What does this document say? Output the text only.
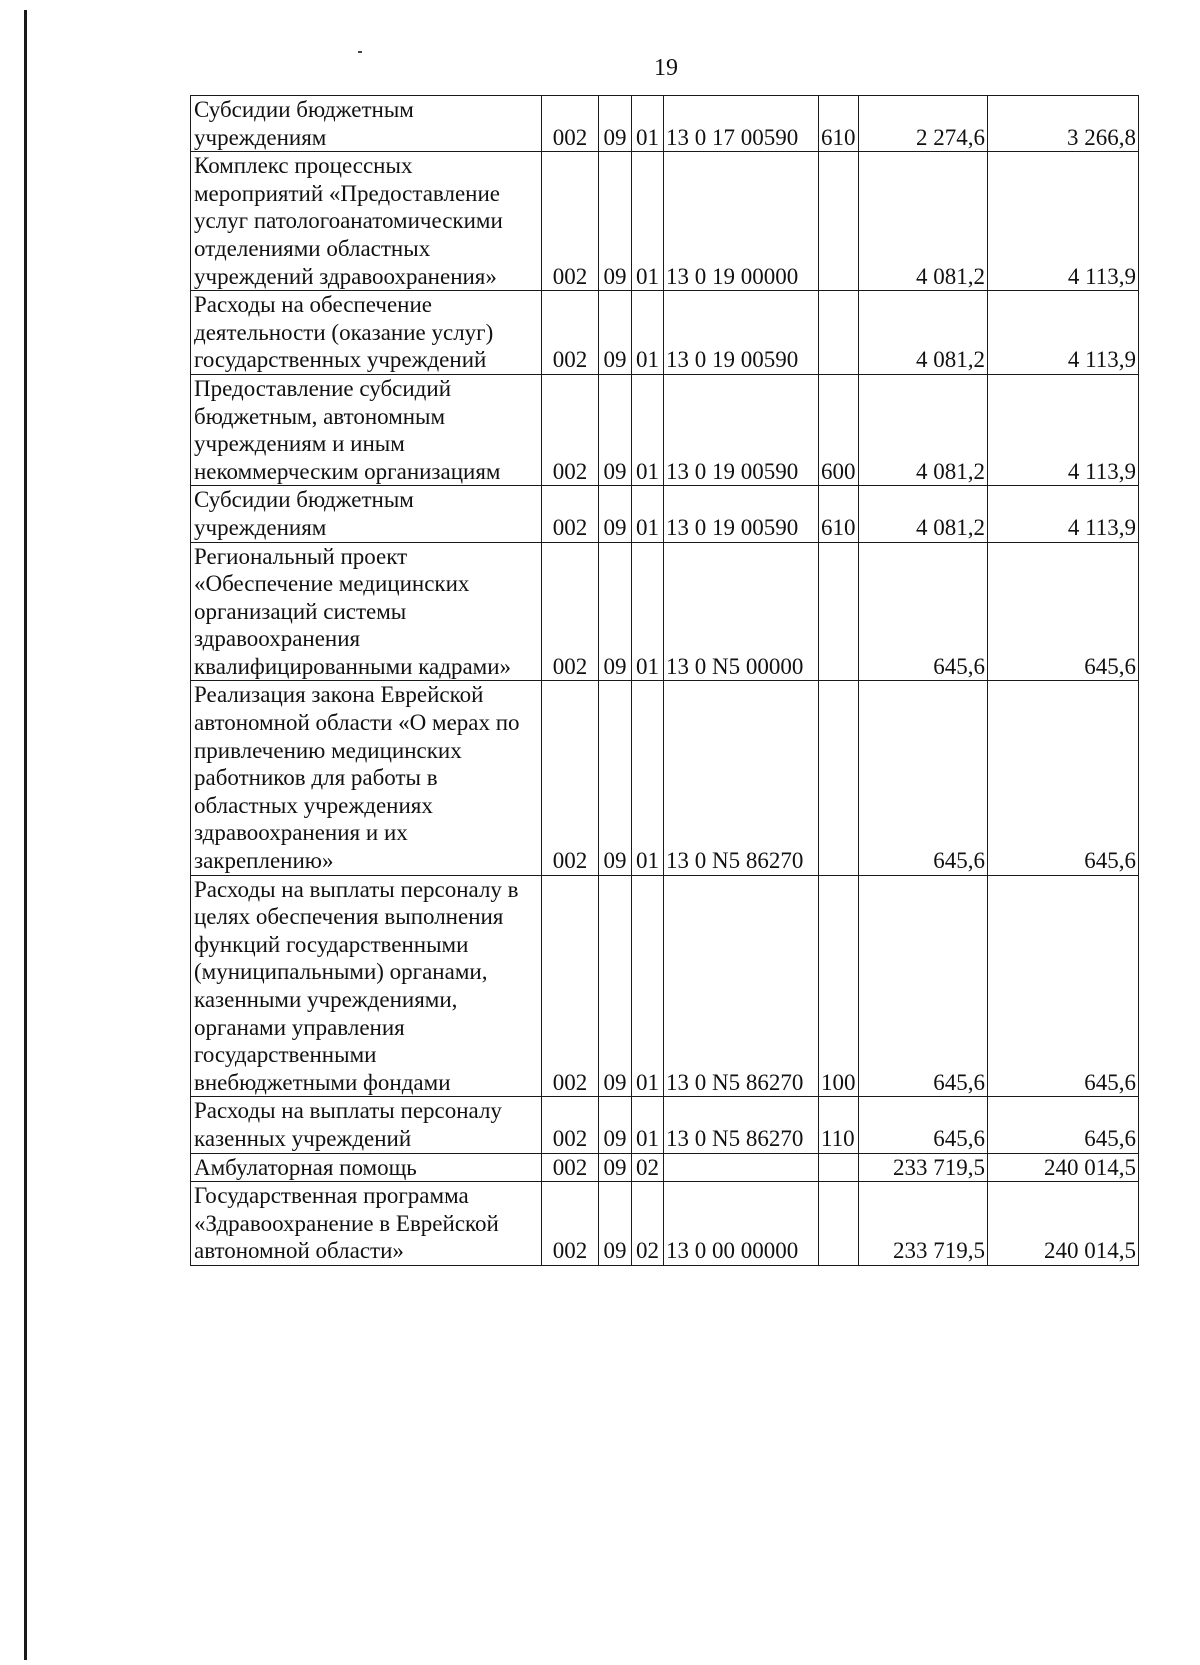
19
Субсидии бюджетным учреждениям	002	09	01	13 0 17 00590	610	2 274,6	3 266,8
Комплекс процессных мероприятий «Предоставление услуг патологоанатомическими отделениями областных учреждений здравоохранения»	002	09	01	13 0 19 00000		4 081,2	4 113,9
Расходы на обеспечение деятельности (оказание услуг) государственных учреждений	002	09	01	13 0 19 00590		4 081,2	4 113,9
Предоставление субсидий бюджетным, автономным учреждениям и иным некоммерческим организациям	002	09	01	13 0 19 00590	600	4 081,2	4 113,9
Субсидии бюджетным учреждениям	002	09	01	13 0 19 00590	610	4 081,2	4 113,9
Региональный проект «Обеспечение медицинских организаций системы здравоохранения квалифицированными кадрами»	002	09	01	13 0 N5 00000		645,6	645,6
Реализация закона Еврейской автономной области «О мерах по привлечению медицинских работников для работы в областных учреждениях здравоохранения и их закреплению»	002	09	01	13 0 N5 86270		645,6	645,6
Расходы на выплаты персоналу в целях обеспечения выполнения функций государственными (муниципальными) органами, казенными учреждениями, органами управления государственными внебюджетными фондами	002	09	01	13 0 N5 86270	100	645,6	645,6
Расходы на выплаты персоналу казенных учреждений	002	09	01	13 0 N5 86270	110	645,6	645,6
Амбулаторная помощь	002	09	02			233 719,5	240 014,5
Государственная программа «Здравоохранение в Еврейской автономной области»	002	09	02	13 0 00 00000		233 719,5	240 014,5
